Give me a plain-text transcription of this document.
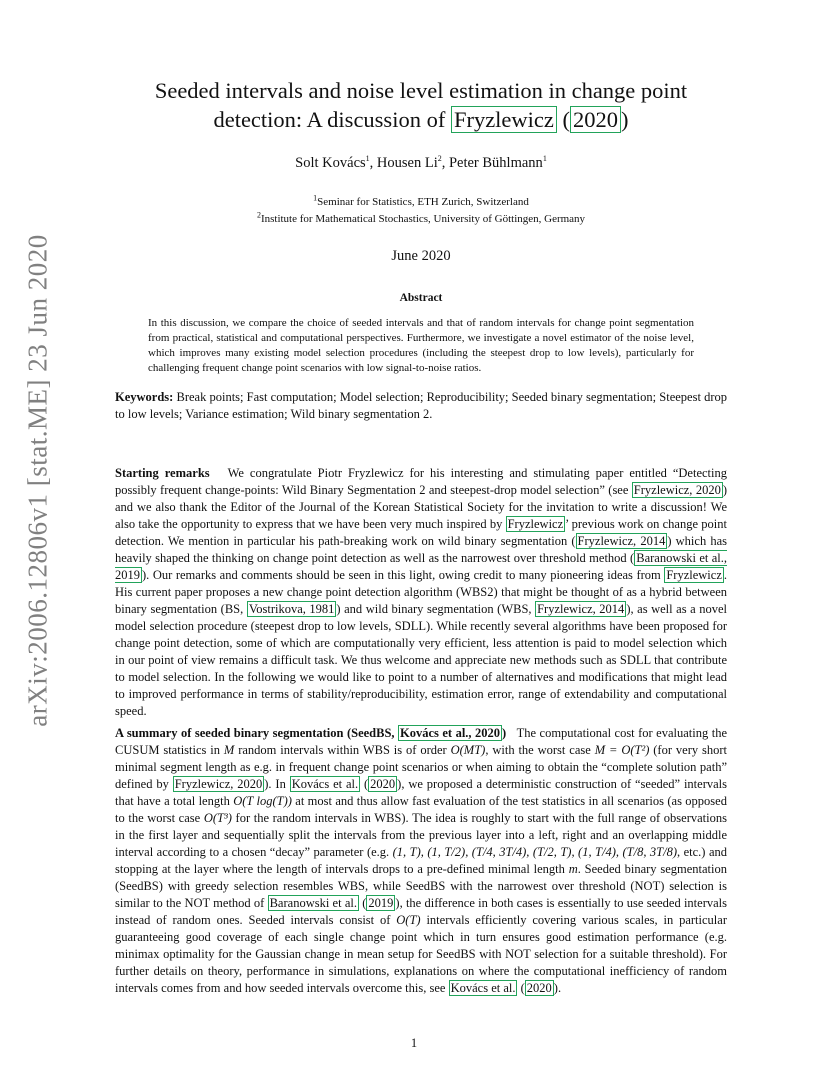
arXiv:2006.12806v1 [stat.ME] 23 Jun 2020
Seeded intervals and noise level estimation in change point
detection: A discussion of Fryzlewicz ( 2020 )
Solt Kovács$^1$, Housen Li$^2$, Peter Bühlmann$^1$
$^1$Seminar for Statistics, ETH Zurich, Switzerland
$^2$Institute for Mathematical Stochastics, University of Göttingen, Germany
June 2020
Abstract

In this discussion, we compare the choice of seeded intervals and that of random intervals for change point segmentation from practical, statistical and computational perspectives. Furthermore, we investigate a novel estimator of the noise level, which improves many existing model selection procedures (including the steepest drop to low levels), particularly for challenging frequent change point scenarios with low signal-to-noise ratios.

Keywords: Break points; Fast computation; Model selection; Reproducibility; Seeded binary segmentation; Steepest drop to low levels; Variance estimation; Wild binary segmentation 2.

Starting remarks We congratulate Piotr Fryzlewicz for his interesting and stimulating paper entitled “Detecting possibly frequent change-points: Wild Binary Segmentation 2 and steepest-drop model selection” (see Fryzlewicz, 2020 ) and we also thank the Editor of the Journal of the Korean Statistical Society for the invitation to write a discussion! We also take the opportunity to express that we have been very much inspired by Fryzlewicz ’ previous work on change point detection. We mention in particular his path-breaking work on wild binary segmentation ( Fryzlewicz, 2014 ) which has heavily shaped the thinking on change point detection as well as the narrowest over threshold method ( Baranowski et al., 2019 ). Our remarks and comments should be seen in this light, owing credit to many pioneering ideas from Fryzlewicz . His current paper proposes a new change point detection algorithm (WBS2) that might be thought of as a hybrid between binary segmentation (BS, Vostrikova, 1981 ) and wild binary segmentation (WBS, Fryzlewicz, 2014 ), as well as a novel model selection procedure (steepest drop to low levels, SDLL). While recently several algorithms have been proposed for change point detection, some of which are computationally very efficient, less attention is paid to model selection which in our point of view remains a difficult task. We thus welcome and appreciate new methods such as SDLL that contribute to model selection. In the following we would like to point to a number of alternatives and modifications that might lead to improved performance in terms of stability/reproducibility, estimation error, range of extendability and computational speed.

A summary of seeded binary segmentation (SeedBS, Kovács et al., 2020 ) The computational cost for evaluating the CUSUM statistics in M random intervals within WBS is of order O(MT), with the worst case M = O(T²) (for very short minimal segment length as e.g. in frequent change point scenarios or when aiming to obtain the “complete solution path” defined by Fryzlewicz, 2020 ). In Kovács et al. ( 2020 ), we proposed a deterministic construction of “seeded” intervals that have a total length O(T log(T)) at most and thus allow fast evaluation of the test statistics in all scenarios (as opposed to the worst case O(T³) for the random intervals in WBS). The idea is roughly to start with the full range of observations in the first layer and sequentially split the intervals from the previous layer into a left, right and an overlapping middle interval according to a chosen “decay” parameter (e.g. (1, T), (1, T/2), (T/4, 3T/4), (T/2, T), (1, T/4), (T/8, 3T/8), etc.) and stopping at the layer where the length of intervals drops to a pre-defined minimal length m. Seeded binary segmentation (SeedBS) with greedy selection resembles WBS, while SeedBS with the narrowest over threshold (NOT) selection is similar to the NOT method of Baranowski et al. ( 2019 ), the difference in both cases is essentially to use seeded intervals instead of random ones. Seeded intervals consist of O(T) intervals efficiently covering various scales, in particular guaranteeing good coverage of each single change point which in turn ensures good estimation performance (e.g. minimax optimality for the Gaussian change in mean setup for SeedBS with NOT selection for a suitable threshold). For further details on theory, performance in simulations, explanations on where the computational inefficiency of random intervals comes from and how seeded intervals overcome this, see Kovács et al. ( 2020 ).

1
